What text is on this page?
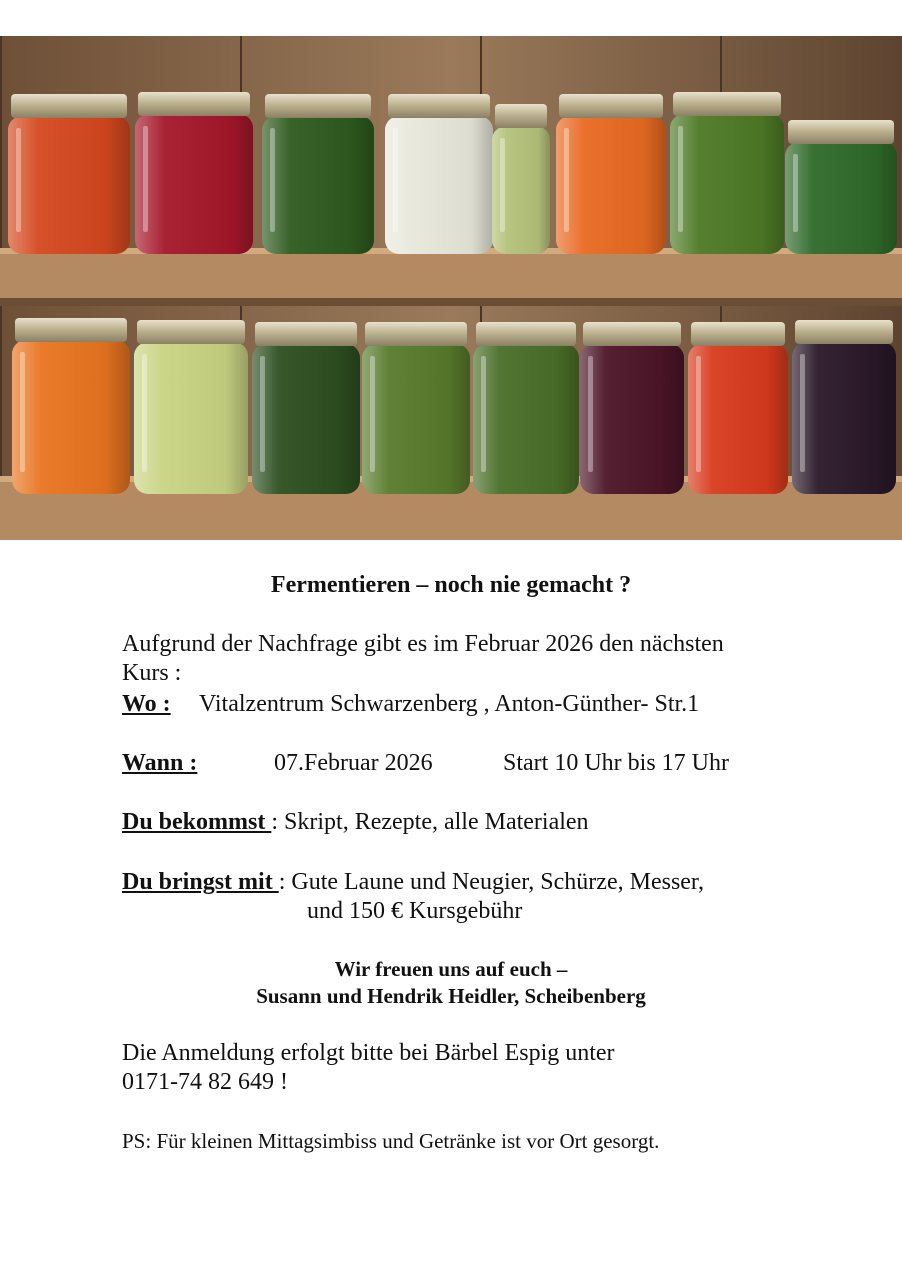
Fermentieren – noch nie gemacht ?
Aufgrund der Nachfrage gibt es im Februar 2026 den nächsten
Kurs :
Wo : Vitalzentrum Schwarzenberg , Anton-Günther- Str.1
Wann :	07.Februar 2026	Start 10 Uhr bis 17 Uhr
Du bekommst : Skript, Rezepte, alle Materialen
Du bringst mit : Gute Laune und Neugier, Schürze, Messer,
und 150 € Kursgebühr
Wir freuen uns auf euch –
Susann und Hendrik Heidler, Scheibenberg
Die Anmeldung erfolgt bitte bei Bärbel Espig unter
0171-74 82 649 !
PS: Für kleinen Mittagsimbiss und Getränke ist vor Ort gesorgt.
